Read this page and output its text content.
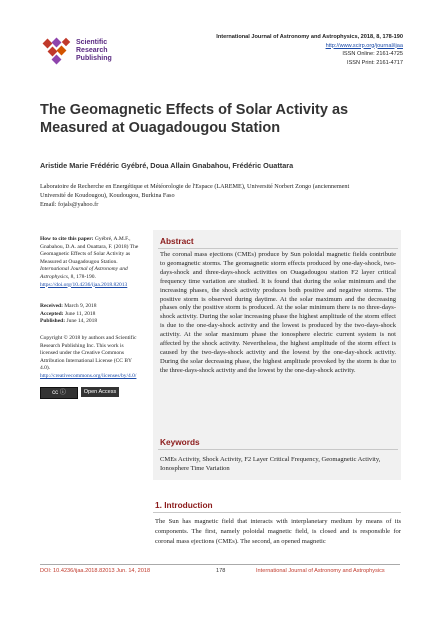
Scientific
Research
Publishing
International Journal of Astronomy and Astrophysics, 2018, 8, 178-190
http://www.scirp.org/journal/ijaa
ISSN Online: 2161-4725
ISSN Print: 2161-4717
The Geomagnetic Effects of Solar Activity as
Measured at Ouagadougou Station
Aristide Marie Frédéric Gyébré, Doua Allain Gnabahou, Frédéric Ouattara
Laboratoire de Recherche en Energétique et Météorologie de l'Espace (LAREME), Université Norbert Zongo (anciennement
Université de Koudougou), Koudougou, Burkina Faso
Email: fojals@yahoo.fr
How to cite this paper: Gyébré, A.M.F., Gnabahou, D.A. and Ouattara, F. (2018) The Geomagnetic Effects of Solar Activity as Measured at Ouagadougou Station. International Journal of Astronomy and Astrophysics, 8, 178-190.
https://doi.org/10.4236/ijaa.2018.82013
Received: March 9, 2018
Accepted: June 11, 2018
Published: June 14, 2018
Copyright © 2018 by authors and Scientific Research Publishing Inc. This work is licensed under the Creative Commons Attribution International License (CC BY 4.0).
http://creativecommons.org/licenses/by/4.0/
cc ⓘ	Open Access
Abstract
The coronal mass ejections (CMEs) produce by Sun poloidal magnetic fields contribute to geomagnetic storms. The geomagnetic storm effects produced by one-day-shock, two-days-shock and three-days-shock activities on Ouagadougou station F2 layer critical frequency time variation are studied. It is found that during the solar minimum and the increasing phases, the shock activity produces both positive and negative storms. The positive storm is observed during daytime. At the solar maximum and the decreasing phases only the positive storm is produced. At the solar minimum there is no three-days-shock activity. During the solar increasing phase the highest amplitude of the storm effect is due to the one-day-shock activity and the lowest is produced by the two-days-shock activity. At the solar maximum phase the ionosphere electric current system is not affected by the shock activity. Nevertheless, the highest amplitude of the storm effect is caused by the two-days-shock activity and the lowest by the one-day-shock activity. During the solar decreasing phase, the highest amplitude provoked by the storm is due to the three-days-shock activity and the lowest by the one-day-shock activity.
Keywords
CMEs Activity, Shock Activity, F2 Layer Critical Frequency, Geomagnetic Activity, Ionosphere Time Variation
1. Introduction
The Sun has magnetic field that interacts with interplanetary medium by means of its components. The first, namely poloidal magnetic field, is closed and is responsible for coronal mass ejections (CMEs). The second, an opened magnetic
DOI: 10.4236/ijaa.2018.82013 Jun. 14, 2018	178	International Journal of Astronomy and Astrophysics
